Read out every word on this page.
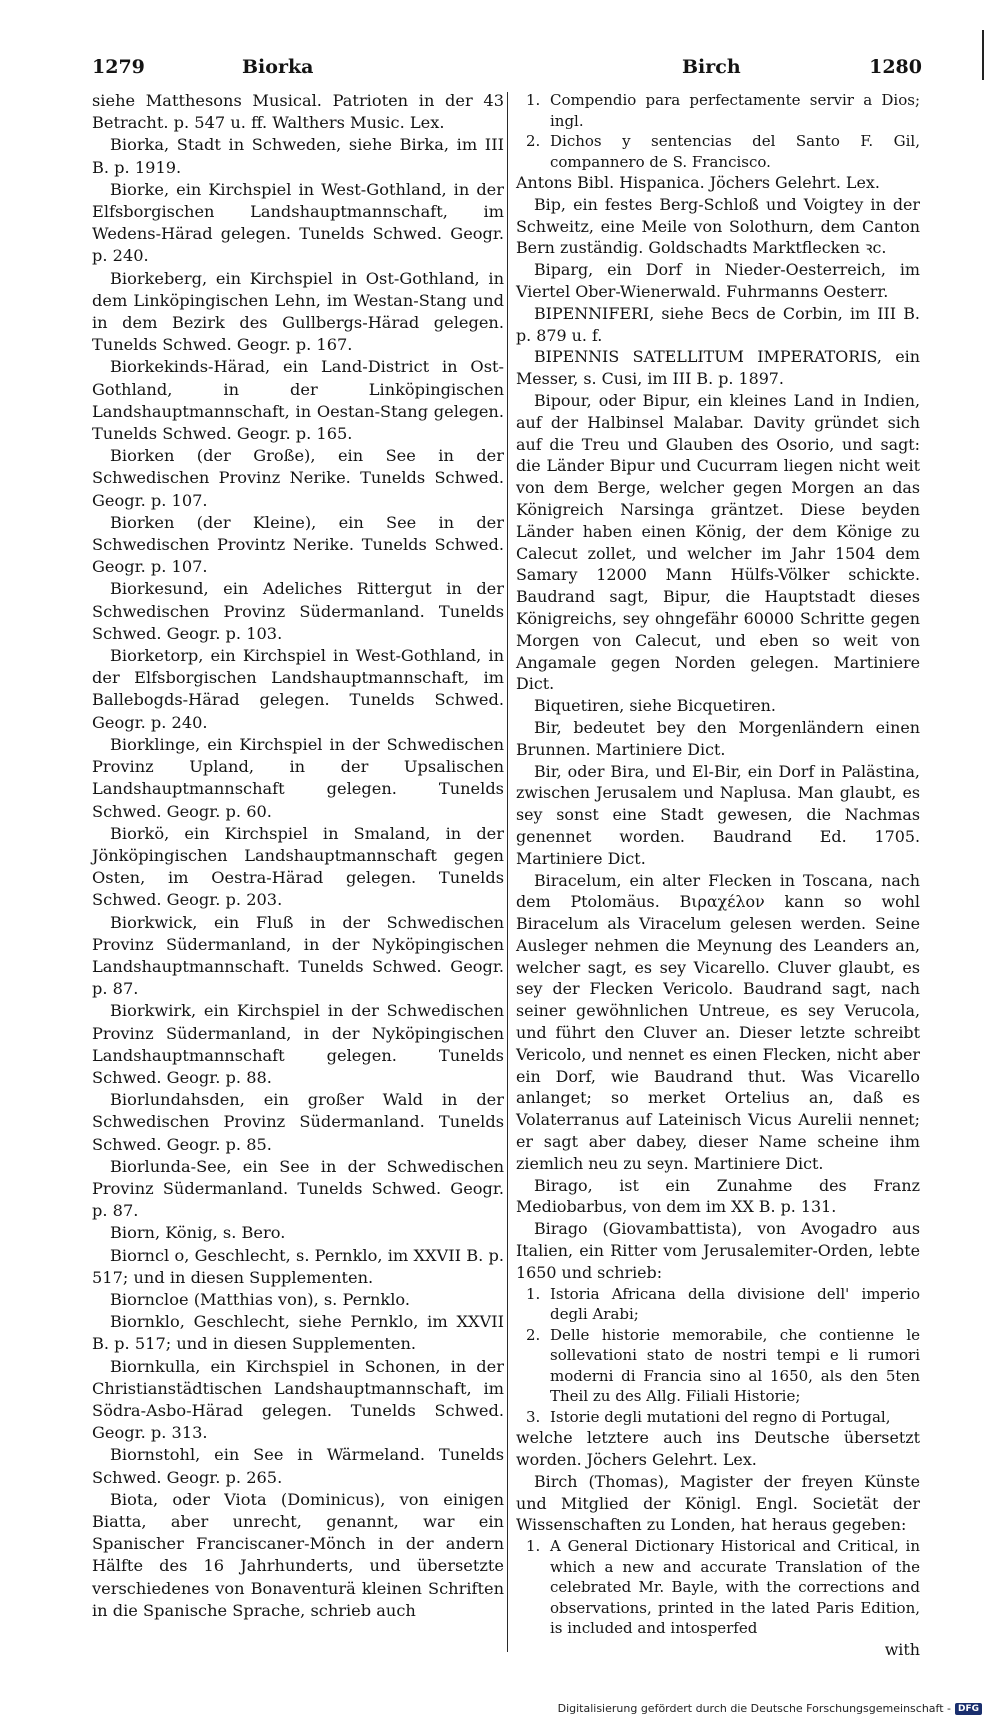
1279	Biorka	Birch	1280

siehe Matthesons Musical. Patrioten in der 43 Betracht. p. 547 u. ff. Walthers Music. Lex.

Biorka, Stadt in Schweden, siehe Birka, im III B. p. 1919.

Biorke, ein Kirchspiel in West-Gothland, in der Elfsborgischen Landshauptmannschaft, im Wedens-Härad gelegen. Tunelds Schwed. Geogr. p. 240.

Biorkeberg, ein Kirchspiel in Ost-Gothland, in dem Linköpingischen Lehn, im Westan-Stang und in dem Bezirk des Gullbergs-Härad gelegen. Tunelds Schwed. Geogr. p. 167.

Biorkekinds-Härad, ein Land-District in Ost-Gothland, in der Linköpingischen Landshauptmannschaft, in Oestan-Stang gelegen. Tunelds Schwed. Geogr. p. 165.

Biorken (der Große), ein See in der Schwedischen Provinz Nerike. Tunelds Schwed. Geogr. p. 107.

Biorken (der Kleine), ein See in der Schwedischen Provintz Nerike. Tunelds Schwed. Geogr. p. 107.

Biorkesund, ein Adeliches Rittergut in der Schwedischen Provinz Südermanland. Tunelds Schwed. Geogr. p. 103.

Biorketorp, ein Kirchspiel in West-Gothland, in der Elfsborgischen Landshauptmannschaft, im Ballebogds-Härad gelegen. Tunelds Schwed. Geogr. p. 240.

Biorklinge, ein Kirchspiel in der Schwedischen Provinz Upland, in der Upsalischen Landshauptmannschaft gelegen. Tunelds Schwed. Geogr. p. 60.

Biorkö, ein Kirchspiel in Smaland, in der Jönköpingischen Landshauptmannschaft gegen Osten, im Oestra-Härad gelegen. Tunelds Schwed. Geogr. p. 203.

Biorkwick, ein Fluß in der Schwedischen Provinz Südermanland, in der Nyköpingischen Landshauptmannschaft. Tunelds Schwed. Geogr. p. 87.

Biorkwirk, ein Kirchspiel in der Schwedischen Provinz Südermanland, in der Nyköpingischen Landshauptmannschaft gelegen. Tunelds Schwed. Geogr. p. 88.

Biorlundahsden, ein großer Wald in der Schwedischen Provinz Südermanland. Tunelds Schwed. Geogr. p. 85.

Biorlunda-See, ein See in der Schwedischen Provinz Südermanland. Tunelds Schwed. Geogr. p. 87.

Biorn, König, s. Bero.

Biorncl o, Geschlecht, s. Pernklo, im XXVII B. p. 517; und in diesen Supplementen.

Biorncloe (Matthias von), s. Pernklo.

Biornklo, Geschlecht, siehe Pernklo, im XXVII B. p. 517; und in diesen Supplementen.

Biornkulla, ein Kirchspiel in Schonen, in der Christianstädtischen Landshauptmannschaft, im Södra-Asbo-Härad gelegen. Tunelds Schwed. Geogr. p. 313.

Biornstohl, ein See in Wärmeland. Tunelds Schwed. Geogr. p. 265.

Biota, oder Viota (Dominicus), von einigen Biatta, aber unrecht, genannt, war ein Spanischer Franciscaner-Mönch in der andern Hälfte des 16 Jahrhunderts, und übersetzte verschiedenes von Bonaventurä kleinen Schriften in die Spanische Sprache, schrieb auch

1. Compendio para perfectamente servir a Dios; ingl.

2. Dichos y sentencias del Santo F. Gil, compannero de S. Francisco.

Antons Bibl. Hispanica. Jöchers Gelehrt. Lex.

Bip, ein festes Berg-Schloß und Voigtey in der Schweitz, eine Meile von Solothurn, dem Canton Bern zuständig. Goldschadts Marktflecken ꝛc.

Biparg, ein Dorf in Nieder-Oesterreich, im Viertel Ober-Wienerwald. Fuhrmanns Oesterr.

BIPENNIFERI, siehe Becs de Corbin, im III B. p. 879 u. f.

BIPENNIS SATELLITUM IMPERATORIS, ein Messer, s. Cusi, im III B. p. 1897.

Bipour, oder Bipur, ein kleines Land in Indien, auf der Halbinsel Malabar. Davity gründet sich auf die Treu und Glauben des Osorio, und sagt: die Länder Bipur und Cucurram liegen nicht weit von dem Berge, welcher gegen Morgen an das Königreich Narsinga gräntzet. Diese beyden Länder haben einen König, der dem Könige zu Calecut zollet, und welcher im Jahr 1504 dem Samary 12000 Mann Hülfs-Völker schickte. Baudrand sagt, Bipur, die Hauptstadt dieses Königreichs, sey ohngefähr 60000 Schritte gegen Morgen von Calecut, und eben so weit von Angamale gegen Norden gelegen. Martiniere Dict.

Biquetiren, siehe Bicquetiren.

Bir, bedeutet bey den Morgenländern einen Brunnen. Martiniere Dict.

Bir, oder Bira, und El-Bir, ein Dorf in Palästina, zwischen Jerusalem und Naplusa. Man glaubt, es sey sonst eine Stadt gewesen, die Nachmas genennet worden. Baudrand Ed. 1705. Martiniere Dict.

Biracelum, ein alter Flecken in Toscana, nach dem Ptolomäus. Βιραχέλον kann so wohl Biracelum als Viracelum gelesen werden. Seine Ausleger nehmen die Meynung des Leanders an, welcher sagt, es sey Vicarello. Cluver glaubt, es sey der Flecken Vericolo. Baudrand sagt, nach seiner gewöhnlichen Untreue, es sey Verucola, und führt den Cluver an. Dieser letzte schreibt Vericolo, und nennet es einen Flecken, nicht aber ein Dorf, wie Baudrand thut. Was Vicarello anlanget; so merket Ortelius an, daß es Volaterranus auf Lateinisch Vicus Aurelii nennet; er sagt aber dabey, dieser Name scheine ihm ziemlich neu zu seyn. Martiniere Dict.

Birago, ist ein Zunahme des Franz Mediobarbus, von dem im XX B. p. 131.

Birago (Giovambattista), von Avogadro aus Italien, ein Ritter vom Jerusalemiter-Orden, lebte 1650 und schrieb:

1. Istoria Africana della divisione dell' imperio degli Arabi;

2. Delle historie memorabile, che contienne le sollevationi stato de nostri tempi e li rumori moderni di Francia sino al 1650, als den 5ten Theil zu des Allg. Filiali Historie;

3. Istorie degli mutationi del regno di Portugal,

welche letztere auch ins Deutsche übersetzt worden. Jöchers Gelehrt. Lex.

Birch (Thomas), Magister der freyen Künste und Mitglied der Königl. Engl. Societät der Wissenschaften zu Londen, hat heraus gegeben:

1. A General Dictionary Historical and Critical, in which a new and accurate Translation of the celebrated Mr. Bayle, with the corrections and observations, printed in the lated Paris Edition, is included and intosperfed

with

Digitalisierung gefördert durch die Deutsche Forschungsgemeinschaft - DFG
